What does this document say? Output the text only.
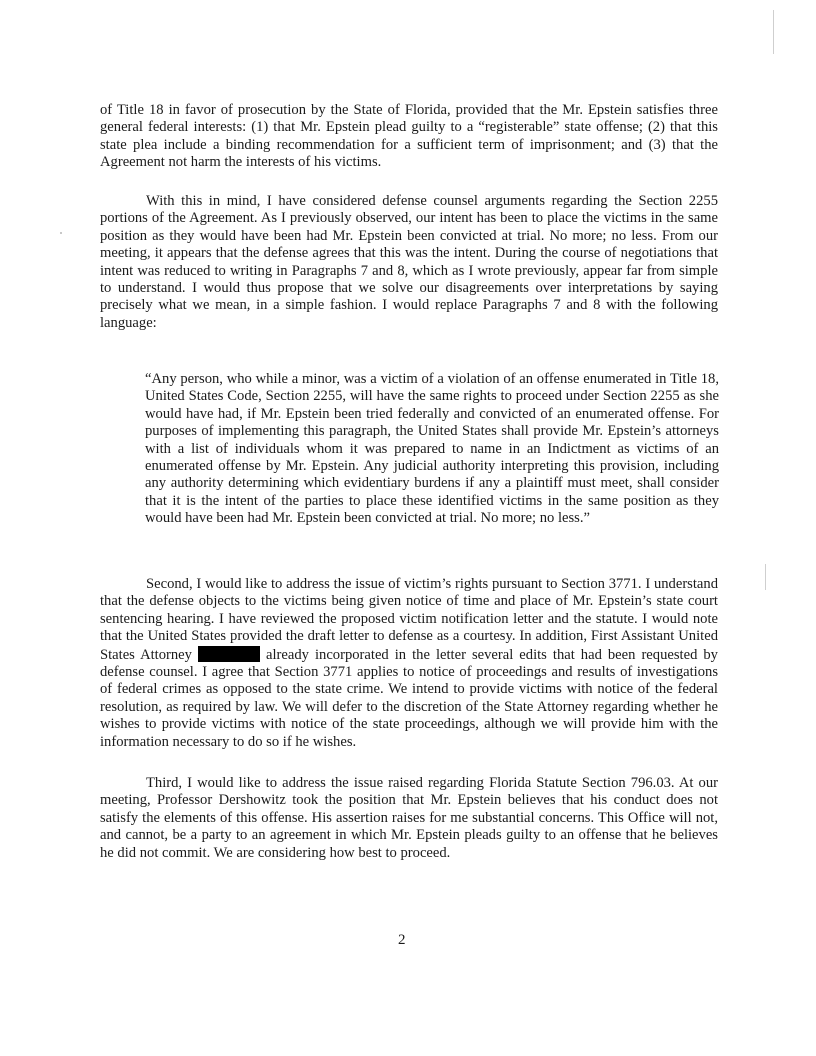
of Title 18 in favor of prosecution by the State of Florida, provided that the Mr. Epstein satisfies three general federal interests: (1) that Mr. Epstein plead guilty to a “registerable” state offense; (2) that this state plea include a binding recommendation for a sufficient term of imprisonment; and (3) that the Agreement not harm the interests of his victims.

With this in mind, I have considered defense counsel arguments regarding the Section 2255 portions of the Agreement. As I previously observed, our intent has been to place the victims in the same position as they would have been had Mr. Epstein been convicted at trial. No more; no less. From our meeting, it appears that the defense agrees that this was the intent. During the course of negotiations that intent was reduced to writing in Paragraphs 7 and 8, which as I wrote previously, appear far from simple to understand. I would thus propose that we solve our disagreements over interpretations by saying precisely what we mean, in a simple fashion. I would replace Paragraphs 7 and 8 with the following language:

“Any person, who while a minor, was a victim of a violation of an offense enumerated in Title 18, United States Code, Section 2255, will have the same rights to proceed under Section 2255 as she would have had, if Mr. Epstein been tried federally and convicted of an enumerated offense. For purposes of implementing this paragraph, the United States shall provide Mr. Epstein’s attorneys with a list of individuals whom it was prepared to name in an Indictment as victims of an enumerated offense by Mr. Epstein. Any judicial authority interpreting this provision, including any authority determining which evidentiary burdens if any a plaintiff must meet, shall consider that it is the intent of the parties to place these identified victims in the same position as they would have been had Mr. Epstein been convicted at trial. No more; no less.”

Second, I would like to address the issue of victim’s rights pursuant to Section 3771. I understand that the defense objects to the victims being given notice of time and place of Mr. Epstein’s state court sentencing hearing. I have reviewed the proposed victim notification letter and the statute. I would note that the United States provided the draft letter to defense as a courtesy. In addition, First Assistant United States Attorney	already incorporated in the letter several edits that had been requested by defense counsel. I agree that Section 3771 applies to notice of proceedings and results of investigations of federal crimes as opposed to the state crime. We intend to provide victims with notice of the federal resolution, as required by law. We will defer to the discretion of the State Attorney regarding whether he wishes to provide victims with notice of the state proceedings, although we will provide him with the information necessary to do so if he wishes.

Third, I would like to address the issue raised regarding Florida Statute Section 796.03. At our meeting, Professor Dershowitz took the position that Mr. Epstein believes that his conduct does not satisfy the elements of this offense. His assertion raises for me substantial concerns. This Office will not, and cannot, be a party to an agreement in which Mr. Epstein pleads guilty to an offense that he believes he did not commit. We are considering how best to proceed.

2
